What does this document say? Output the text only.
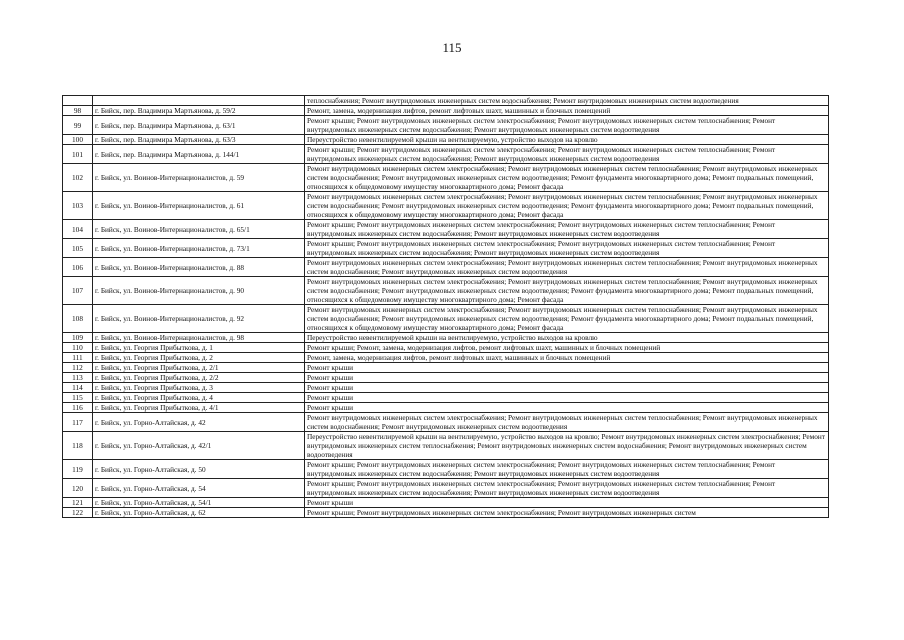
115
		теплоснабжения; Ремонт внутридомовых инженерных систем водоснабжения; Ремонт внутридомовых инженерных систем водоотведения
98	г. Бийск, пер. Владимира Мартьянова, д. 59/2	Ремонт, замена, модернизация лифтов, ремонт лифтовых шахт, машинных и блочных помещений
99	г. Бийск, пер. Владимира Мартьянова, д. 63/1	Ремонт крыши; Ремонт внутридомовых инженерных систем электроснабжения; Ремонт внутридомовых инженерных систем теплоснабжения; Ремонт внутридомовых инженерных систем водоснабжения; Ремонт внутридомовых инженерных систем водоотведения
100	г. Бийск, пер. Владимира Мартьянова, д. 63/3	Переустройство невентилируемой крыши на вентилируемую, устройство выходов на кровлю
101	г. Бийск, пер. Владимира Мартьянова, д. 144/1	Ремонт крыши; Ремонт внутридомовых инженерных систем электроснабжения; Ремонт внутридомовых инженерных систем теплоснабжения; Ремонт внутридомовых инженерных систем водоснабжения; Ремонт внутридомовых инженерных систем водоотведения
102	г. Бийск, ул. Воинов-Интернационалистов, д. 59	Ремонт внутридомовых инженерных систем электроснабжения; Ремонт внутридомовых инженерных систем теплоснабжения; Ремонт внутридомовых инженерных систем водоснабжения; Ремонт внутридомовых инженерных систем водоотведения; Ремонт фундамента многоквартирного дома; Ремонт подвальных помещений, относящихся к общедомовому имуществу многоквартирного дома; Ремонт фасада
103	г. Бийск, ул. Воинов-Интернационалистов, д. 61	Ремонт внутридомовых инженерных систем электроснабжения; Ремонт внутридомовых инженерных систем теплоснабжения; Ремонт внутридомовых инженерных систем водоснабжения; Ремонт внутридомовых инженерных систем водоотведения; Ремонт фундамента многоквартирного дома; Ремонт подвальных помещений, относящихся к общедомовому имуществу многоквартирного дома; Ремонт фасада
104	г. Бийск, ул. Воинов-Интернационалистов, д. 65/1	Ремонт крыши; Ремонт внутридомовых инженерных систем электроснабжения; Ремонт внутридомовых инженерных систем теплоснабжения; Ремонт внутридомовых инженерных систем водоснабжения; Ремонт внутридомовых инженерных систем водоотведения
105	г. Бийск, ул. Воинов-Интернационалистов, д. 73/1	Ремонт крыши; Ремонт внутридомовых инженерных систем электроснабжения; Ремонт внутридомовых инженерных систем теплоснабжения; Ремонт внутридомовых инженерных систем водоснабжения; Ремонт внутридомовых инженерных систем водоотведения
106	г. Бийск, ул. Воинов-Интернационалистов, д. 88	Ремонт внутридомовых инженерных систем электроснабжения; Ремонт внутридомовых инженерных систем теплоснабжения; Ремонт внутридомовых инженерных систем водоснабжения; Ремонт внутридомовых инженерных систем водоотведения
107	г. Бийск, ул. Воинов-Интернационалистов, д. 90	Ремонт внутридомовых инженерных систем электроснабжения; Ремонт внутридомовых инженерных систем теплоснабжения; Ремонт внутридомовых инженерных систем водоснабжения; Ремонт внутридомовых инженерных систем водоотведения; Ремонт фундамента многоквартирного дома; Ремонт подвальных помещений, относящихся к общедомовому имуществу многоквартирного дома; Ремонт фасада
108	г. Бийск, ул. Воинов-Интернационалистов, д. 92	Ремонт внутридомовых инженерных систем электроснабжения; Ремонт внутридомовых инженерных систем теплоснабжения; Ремонт внутридомовых инженерных систем водоснабжения; Ремонт внутридомовых инженерных систем водоотведения; Ремонт фундамента многоквартирного дома; Ремонт подвальных помещений, относящихся к общедомовому имуществу многоквартирного дома; Ремонт фасада
109	г. Бийск, ул. Воинов-Интернационалистов, д. 98	Переустройство невентилируемой крыши на вентилируемую, устройство выходов на кровлю
110	г. Бийск, ул. Георгия Прибыткова, д. 1	Ремонт крыши; Ремонт, замена, модернизация лифтов, ремонт лифтовых шахт, машинных и блочных помещений
111	г. Бийск, ул. Георгия Прибыткова, д. 2	Ремонт, замена, модернизация лифтов, ремонт лифтовых шахт, машинных и блочных помещений
112	г. Бийск, ул. Георгия Прибыткова, д. 2/1	Ремонт крыши
113	г. Бийск, ул. Георгия Прибыткова, д. 2/2	Ремонт крыши
114	г. Бийск, ул. Георгия Прибыткова, д. 3	Ремонт крыши
115	г. Бийск, ул. Георгия Прибыткова, д. 4	Ремонт крыши
116	г. Бийск, ул. Георгия Прибыткова, д. 4/1	Ремонт крыши
117	г. Бийск, ул. Горно-Алтайская, д. 42	Ремонт внутридомовых инженерных систем электроснабжения; Ремонт внутридомовых инженерных систем теплоснабжения; Ремонт внутридомовых инженерных систем водоснабжения; Ремонт внутридомовых инженерных систем водоотведения
118	г. Бийск, ул. Горно-Алтайская, д. 42/1	Переустройство невентилируемой крыши на вентилируемую, устройство выходов на кровлю; Ремонт внутридомовых инженерных систем электроснабжения; Ремонт внутридомовых инженерных систем теплоснабжения; Ремонт внутридомовых инженерных систем водоснабжения; Ремонт внутридомовых инженерных систем водоотведения
119	г. Бийск, ул. Горно-Алтайская, д. 50	Ремонт крыши; Ремонт внутридомовых инженерных систем электроснабжения; Ремонт внутридомовых инженерных систем теплоснабжения; Ремонт внутридомовых инженерных систем водоснабжения; Ремонт внутридомовых инженерных систем водоотведения
120	г. Бийск, ул. Горно-Алтайская, д. 54	Ремонт крыши; Ремонт внутридомовых инженерных систем электроснабжения; Ремонт внутридомовых инженерных систем теплоснабжения; Ремонт внутридомовых инженерных систем водоснабжения; Ремонт внутридомовых инженерных систем водоотведения
121	г. Бийск, ул. Горно-Алтайская, д. 54/1	Ремонт крыши
122	г. Бийск, ул. Горно-Алтайская, д. 62	Ремонт крыши; Ремонт внутридомовых инженерных систем электроснабжения; Ремонт внутридомовых инженерных систем
